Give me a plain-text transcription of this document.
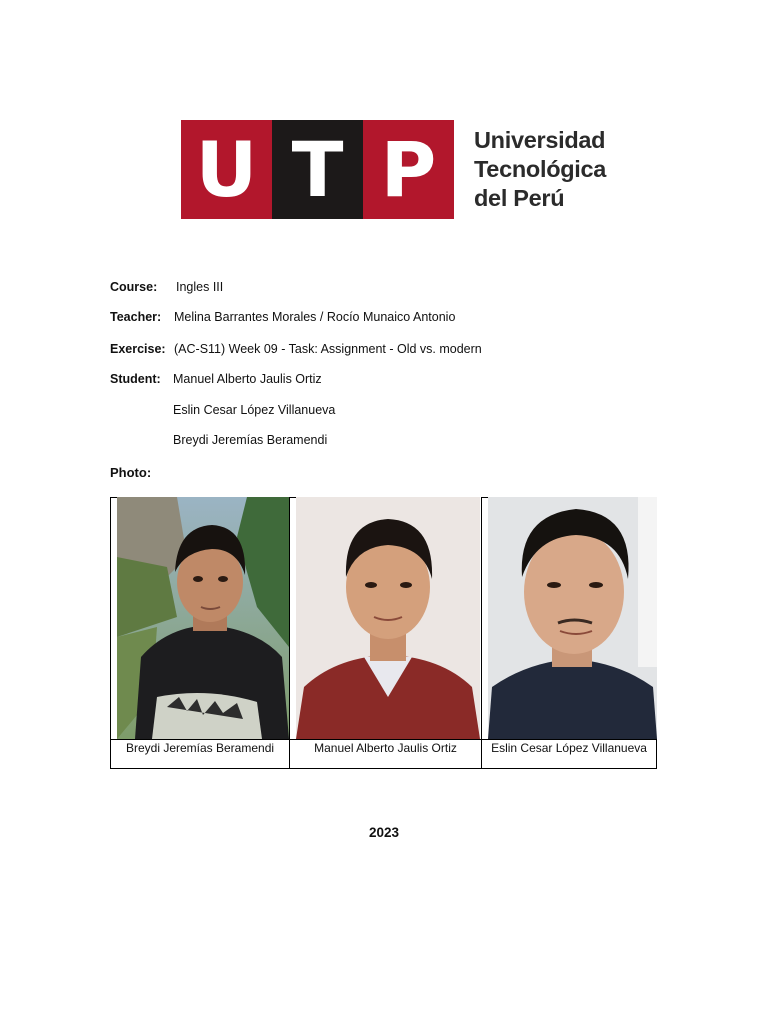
U T P Universidad
Tecnológica
del Perú
Course: Ingles III
Teacher: Melina Barrantes Morales / Rocío Munaico Antonio
Exercise: (AC-S11) Week 09 - Task: Assignment - Old vs. modern
Student: Manuel Alberto Jaulis Ortiz
Eslin Cesar López Villanueva
Breydi Jeremías Beramendi
Photo:
Breydi Jeremías Beramendi	Manuel Alberto Jaulis Ortiz	Eslin Cesar López Villanueva
2023
